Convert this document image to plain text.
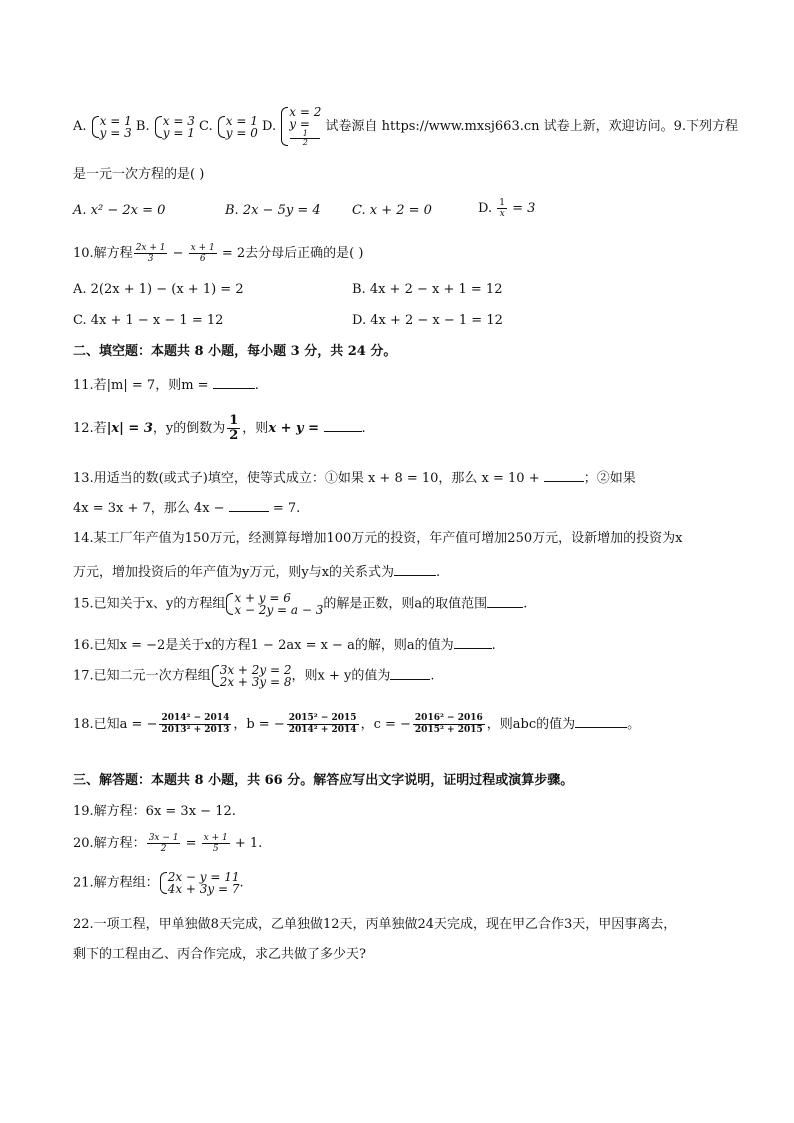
A. x = 1
y = 3 B. x = 3
y = 1 C. x = 1
y = 0 D.
x = 2
y =
1
2
试卷源自 https://www.mxsj663.cn 试卷上新，欢迎访问。9.下列方程
是一元一次方程的是( )
A. x² − 2x = 0	B. 2x − 5y = 4 C. x + 2 = 0	D. $\frac{1}{x} = 3$
10.解方程 $\frac{2x + 1}{3} - \frac{x + 1}{6} = 2$去分母后正确的是( )
A. 2(2x + 1) − (x + 1) = 2	B. 4x + 2 − x + 1 = 12
C. 4x + 1 − x − 1 = 12	D. 4x + 2 − x − 1 = 12
二、填空题：本题共 8 小题，每小题 3 分，共 24 分。
11.若|m| = 7，则m =	.
12.若|x| = 3，y的倒数为 $\frac{1}{2}$ ，则x + y =	.
13.用适当的数(或式子)填空，使等式成立：①如果 x + 8 = 10，那么 x = 10 +	；②如果
4x = 3x + 7，那么 4x −	= 7.
14.某工厂年产值为150万元，经测算每增加100万元的投资，年产值可增加250万元，设新增加的投资为x
万元，增加投资后的年产值为y万元，则y与x的关系式为	.
15.已知关于x、y的方程组 x + y = 6
x − 2y = a − 3 的解是正数，则a的取值范围	.
16.已知x = −2是关于x的方程1 − 2ax = x − a的解，则a的值为	.
17.已知二元一次方程组 3x + 2y = 2
2x + 3y = 8 ，则x + y的值为	.
18.已知a = − $\frac{\text{2014² − 2014}}{\text{2013² + 2013}}$ ，b = − $\frac{\text{2015² − 2015}}{\text{2014² + 2014}}$ ，c = − $\frac{\text{2016² − 2016}}{\text{2015² + 2015}}$ ，则abc的值为	。
三、解答题：本题共 8 小题，共 66 分。解答应写出文字说明，证明过程或演算步骤。
19.解方程：6x = 3x − 12.
20.解方程： $\frac{3x - 1}{2} = \frac{x + 1}{5} + 1$.
21.解方程组： 2x − y = 11
4x + 3y = 7 .
22.一项工程，甲单独做8天完成，乙单独做12天，丙单独做24天完成，现在甲乙合作3天，甲因事离去，
剩下的工程由乙、丙合作完成，求乙共做了多少天?
